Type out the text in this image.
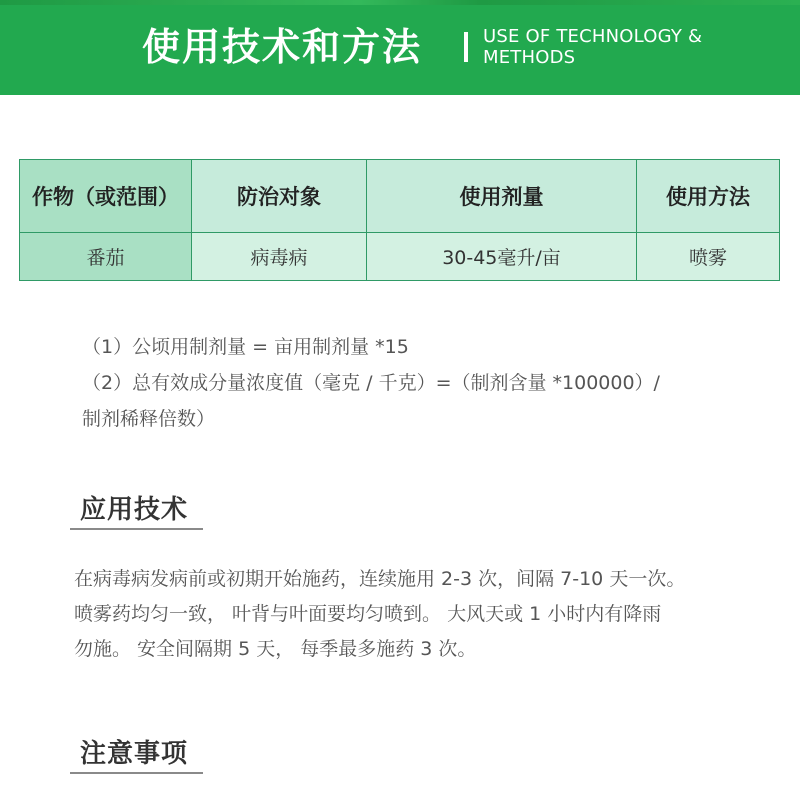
使用技术和方法	USE OF TECHNOLOGY &
METHODS
作物（或范围）	防治对象	使用剂量	使用方法
番茄	病毒病	30-45毫升/亩	喷雾
（1）公顷用制剂量 = 亩用制剂量 *15
（2）总有效成分量浓度值（毫克 / 千克）=（制剂含量 *100000）/
制剂稀释倍数）
应用技术
在病毒病发病前或初期开始施药，连续施用 2-3 次，间隔 7-10 天一次。
喷雾药均匀一致， 叶背与叶面要均匀喷到。 大风天或 1 小时内有降雨
勿施。 安全间隔期 5 天， 每季最多施药 3 次。
注意事项
